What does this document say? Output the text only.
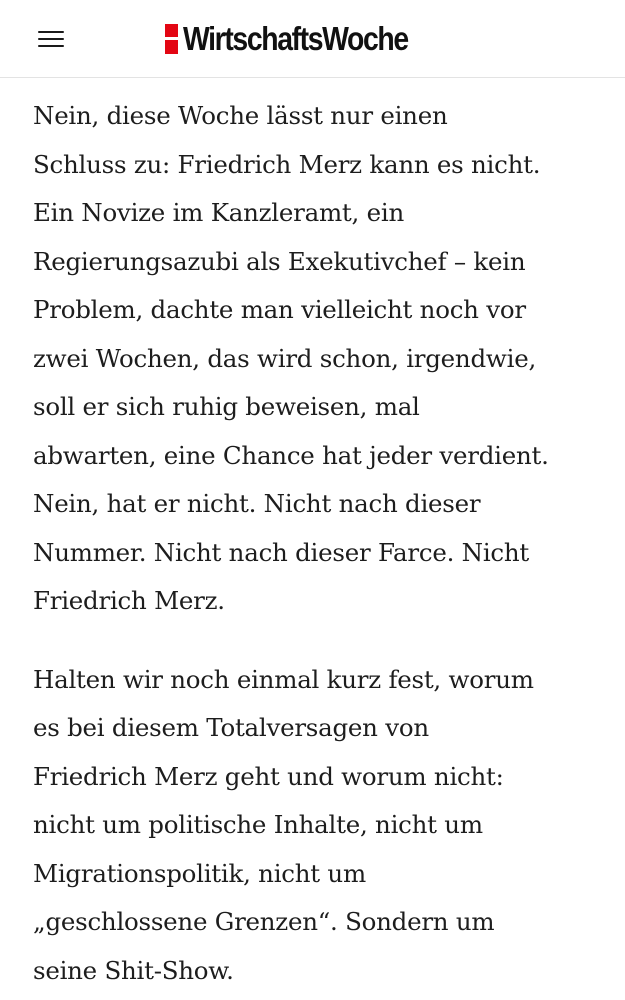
WirtschaftsWoche

Nein, diese Woche lässt nur einen
Schluss zu: Friedrich Merz kann es nicht.
Ein Novize im Kanzleramt, ein
Regierungsazubi als Exekutivchef – kein
Problem, dachte man vielleicht noch vor
zwei Wochen, das wird schon, irgendwie,
soll er sich ruhig beweisen, mal
abwarten, eine Chance hat jeder verdient.
Nein, hat er nicht. Nicht nach dieser
Nummer. Nicht nach dieser Farce. Nicht
Friedrich Merz.

Halten wir noch einmal kurz fest, worum
es bei diesem Totalversagen von
Friedrich Merz geht und worum nicht:
nicht um politische Inhalte, nicht um
Migrationspolitik, nicht um
„geschlossene Grenzen“. Sondern um
seine Shit-Show.
